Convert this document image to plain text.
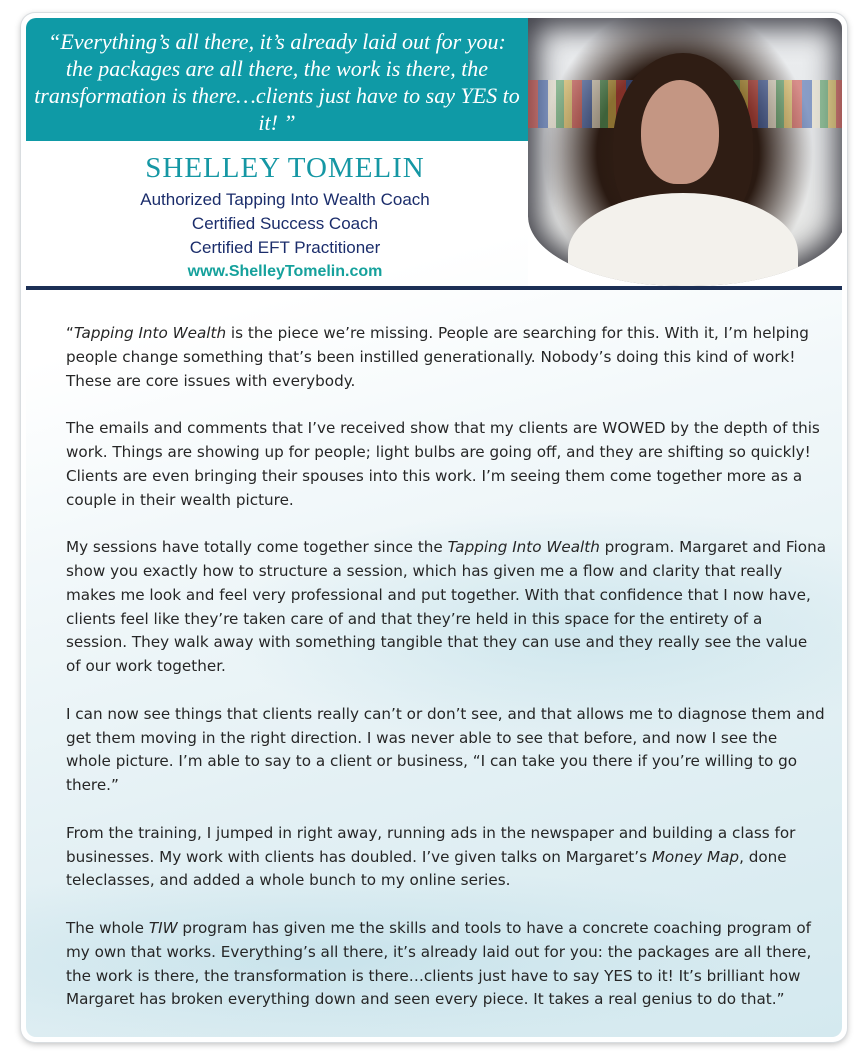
“Everything’s all there, it’s already laid out for you: the packages are all there, the work is there, the transformation is there…clients just have to say YES to it! ”

SHELLEY TOMELIN
Authorized Tapping Into Wealth Coach
Certified Success Coach
Certified EFT Practitioner
www.ShelleyTomelin.com

“Tapping Into Wealth is the piece we’re missing. People are searching for this. With it, I’m helping people change something that’s been instilled generationally. Nobody’s doing this kind of work! These are core issues with everybody.

The emails and comments that I’ve received show that my clients are WOWED by the depth of this work. Things are showing up for people; light bulbs are going off, and they are shifting so quickly! Clients are even bringing their spouses into this work. I’m seeing them come together more as a couple in their wealth picture.

My sessions have totally come together since the Tapping Into Wealth program. Margaret and Fiona show you exactly how to structure a session, which has given me a flow and clarity that really makes me look and feel very professional and put together. With that confidence that I now have, clients feel like they’re taken care of and that they’re held in this space for the entirety of a session. They walk away with something tangible that they can use and they really see the value of our work together.

I can now see things that clients really can’t or don’t see, and that allows me to diagnose them and get them moving in the right direction. I was never able to see that before, and now I see the whole picture. I’m able to say to a client or business, “I can take you there if you’re willing to go there.”

From the training, I jumped in right away, running ads in the newspaper and building a class for businesses. My work with clients has doubled. I’ve given talks on Margaret’s Money Map, done teleclasses, and added a whole bunch to my online series.

The whole TIW program has given me the skills and tools to have a concrete coaching program of my own that works. Everything’s all there, it’s already laid out for you: the packages are all there, the work is there, the transformation is there…clients just have to say YES to it! It’s brilliant how Margaret has broken everything down and seen every piece. It takes a real genius to do that.”
